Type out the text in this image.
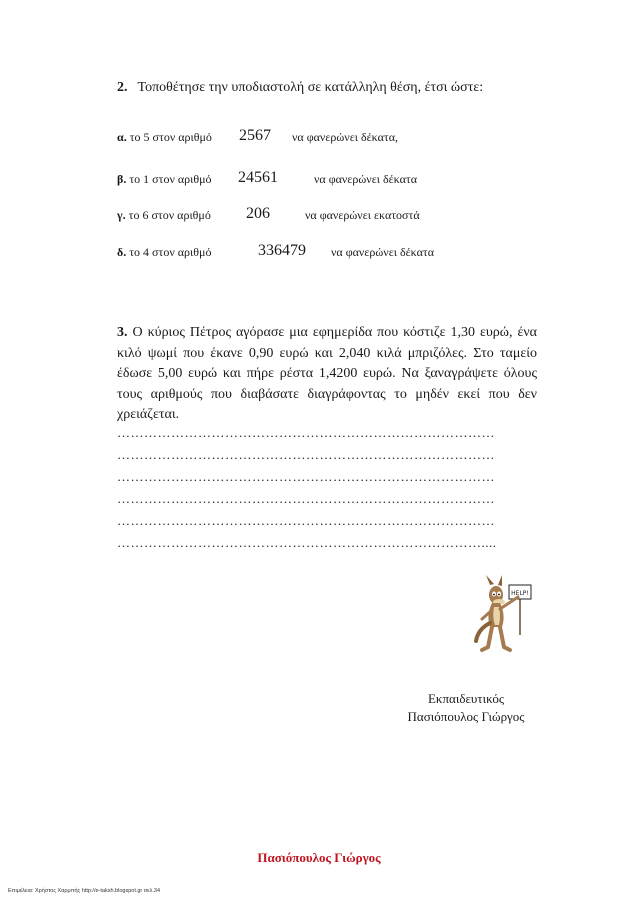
2. Τοποθέτησε την υποδιαστολή σε κατάλληλη θέση, έτσι ώστε:
α. το 5 στον αριθμό 2567 να φανερώνει δέκατα,
β. το 1 στον αριθμό 24561	να φανερώνει δέκατα
γ. το 6 στον αριθμό 206	να φανερώνει εκατοστά
δ. το 4 στον αριθμό	336479 να φανερώνει δέκατα
3. Ο κύριος Πέτρος αγόρασε μια εφημερίδα που κόστιζε 1,30 ευρώ, ένα κιλό ψωμί που έκανε 0,90 ευρώ και 2,040 κιλά μπριζόλες. Στο ταμείο έδωσε 5,00 ευρώ και πήρε ρέστα 1,4200 ευρώ. Να ξαναγράψετε όλους τους αριθμούς που διαβάσατε διαγράφοντας το μηδέν εκεί που δεν χρειάζεται.
…………………………………………………………………………
…………………………………………………………………………
…………………………………………………………………………
…………………………………………………………………………
…………………………………………………………………………
………………………………………………………………………....
HELP!
Εκπαιδευτικός
Πασιόπουλος Γιώργος
Πασιόπουλος Γιώργος
Επιμέλεια: Χρήστος Χαρμπής http://e-taksh.blogspot.gr σελ.34
